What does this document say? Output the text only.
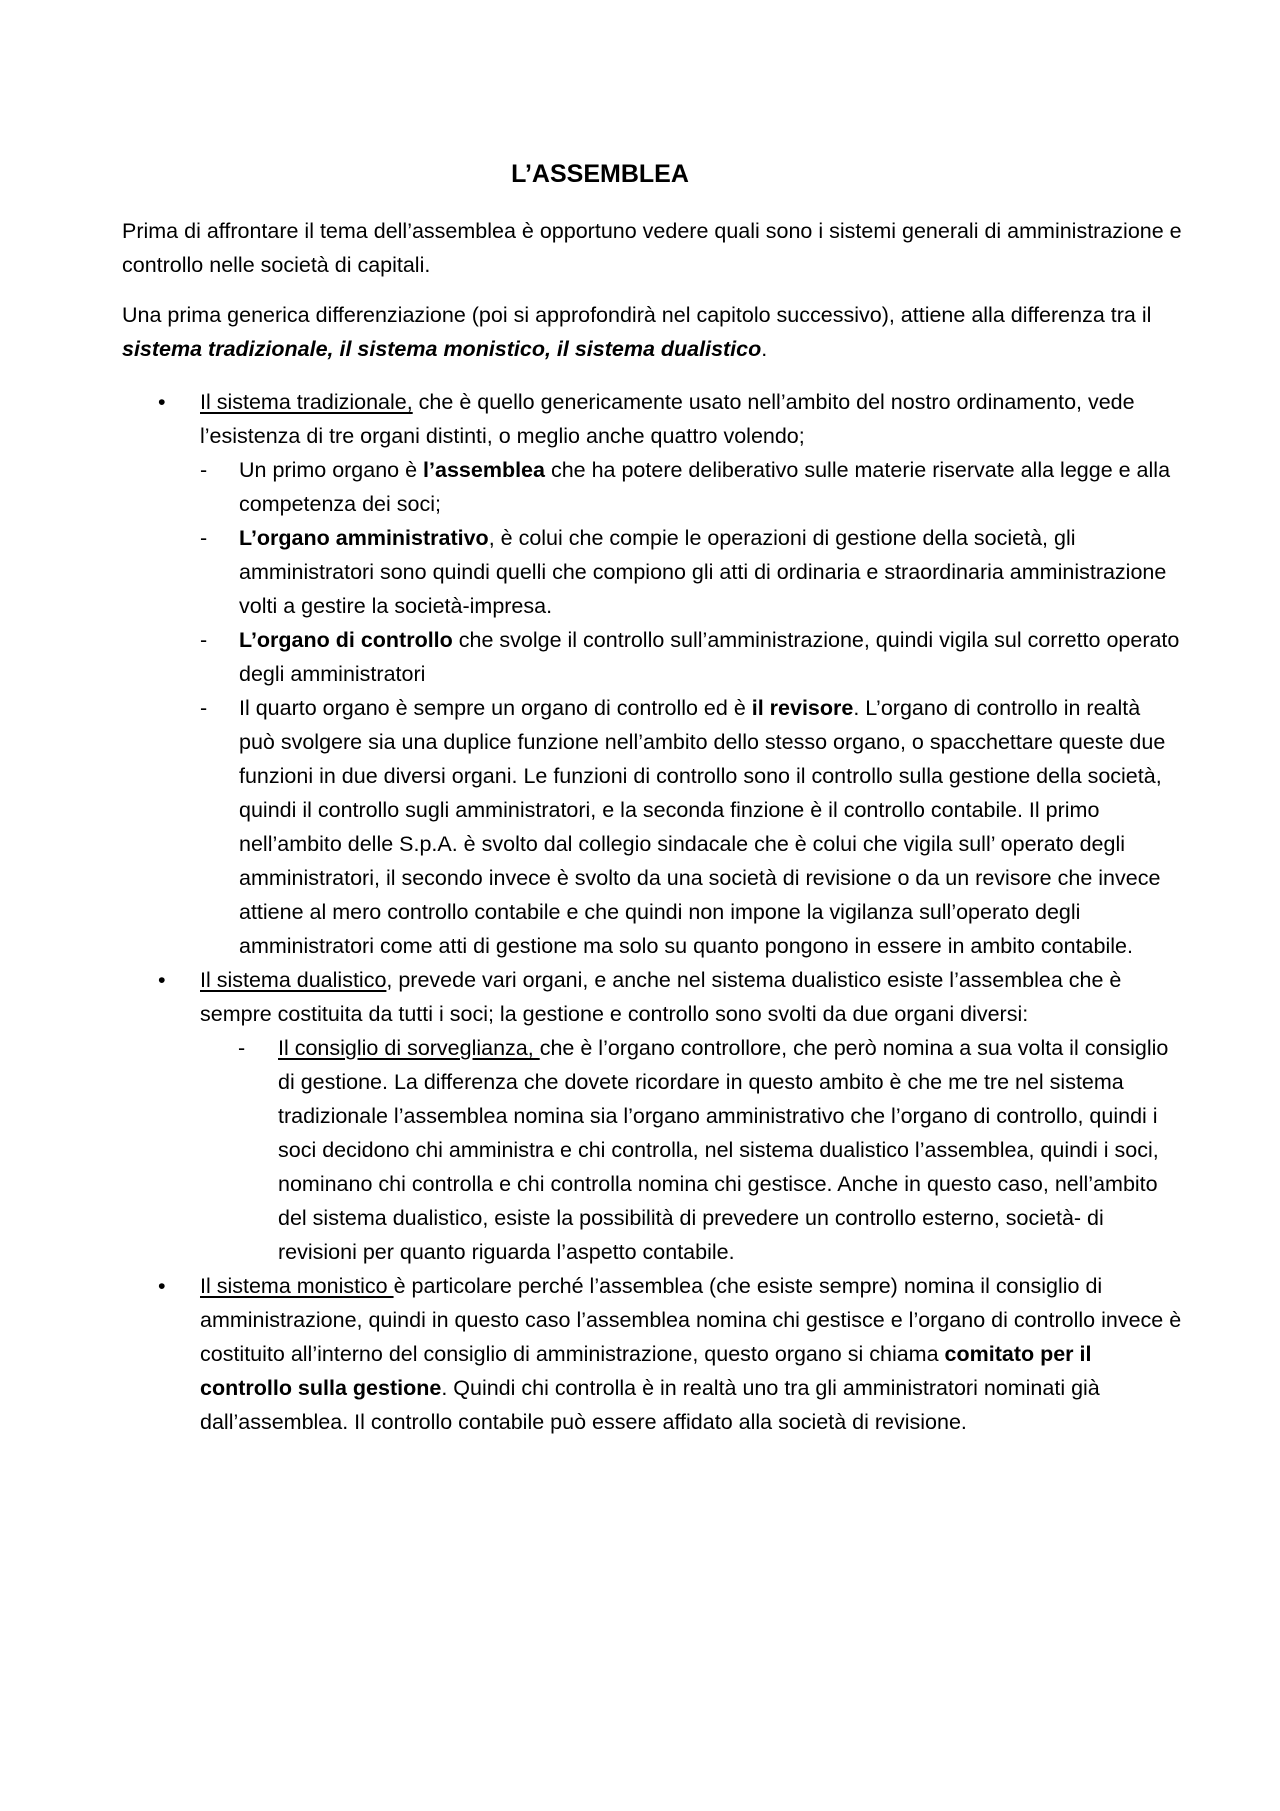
L’ASSEMBLEA
Prima di affrontare il tema dell’assemblea è opportuno vedere quali sono i sistemi generali di amministrazione e controllo nelle società di capitali.
Una prima generica differenziazione (poi si approfondirà nel capitolo successivo), attiene alla differenza tra il sistema tradizionale, il sistema monistico, il sistema dualistico.
• Il sistema tradizionale, che è quello genericamente usato nell’ambito del nostro ordinamento, vede l’esistenza di tre organi distinti, o meglio anche quattro volendo;
- Un primo organo è l’assemblea che ha potere deliberativo sulle materie riservate alla legge e alla competenza dei soci;
- L’organo amministrativo, è colui che compie le operazioni di gestione della società, gli amministratori sono quindi quelli che compiono gli atti di ordinaria e straordinaria amministrazione volti a gestire la società-impresa.
- L’organo di controllo che svolge il controllo sull’amministrazione, quindi vigila sul corretto operato degli amministratori
- Il quarto organo è sempre un organo di controllo ed è il revisore. L’organo di controllo in realtà può svolgere sia una duplice funzione nell’ambito dello stesso organo, o spacchettare queste due funzioni in due diversi organi. Le funzioni di controllo sono il controllo sulla gestione della società, quindi il controllo sugli amministratori, e la seconda finzione è il controllo contabile. Il primo nell’ambito delle S.p.A. è svolto dal collegio sindacale che è colui che vigila sull’ operato degli amministratori, il secondo invece è svolto da una società di revisione o da un revisore che invece attiene al mero controllo contabile e che quindi non impone la vigilanza sull’operato degli amministratori come atti di gestione ma solo su quanto pongono in essere in ambito contabile.
• Il sistema dualistico, prevede vari organi, e anche nel sistema dualistico esiste l’assemblea che è sempre costituita da tutti i soci; la gestione e controllo sono svolti da due organi diversi:
- Il consiglio di sorveglianza, che è l’organo controllore, che però nomina a sua volta il consiglio di gestione. La differenza che dovete ricordare in questo ambito è che me tre nel sistema tradizionale l’assemblea nomina sia l’organo amministrativo che l’organo di controllo, quindi i soci decidono chi amministra e chi controlla, nel sistema dualistico l’assemblea, quindi i soci, nominano chi controlla e chi controlla nomina chi gestisce. Anche in questo caso, nell’ambito del sistema dualistico, esiste la possibilità di prevedere un controllo esterno, società- di revisioni per quanto riguarda l’aspetto contabile.
• Il sistema monistico è particolare perché l’assemblea (che esiste sempre) nomina il consiglio di amministrazione, quindi in questo caso l’assemblea nomina chi gestisce e l’organo di controllo invece è costituito all’interno del consiglio di amministrazione, questo organo si chiama comitato per il controllo sulla gestione. Quindi chi controlla è in realtà uno tra gli amministratori nominati già dall’assemblea. Il controllo contabile può essere affidato alla società di revisione.
